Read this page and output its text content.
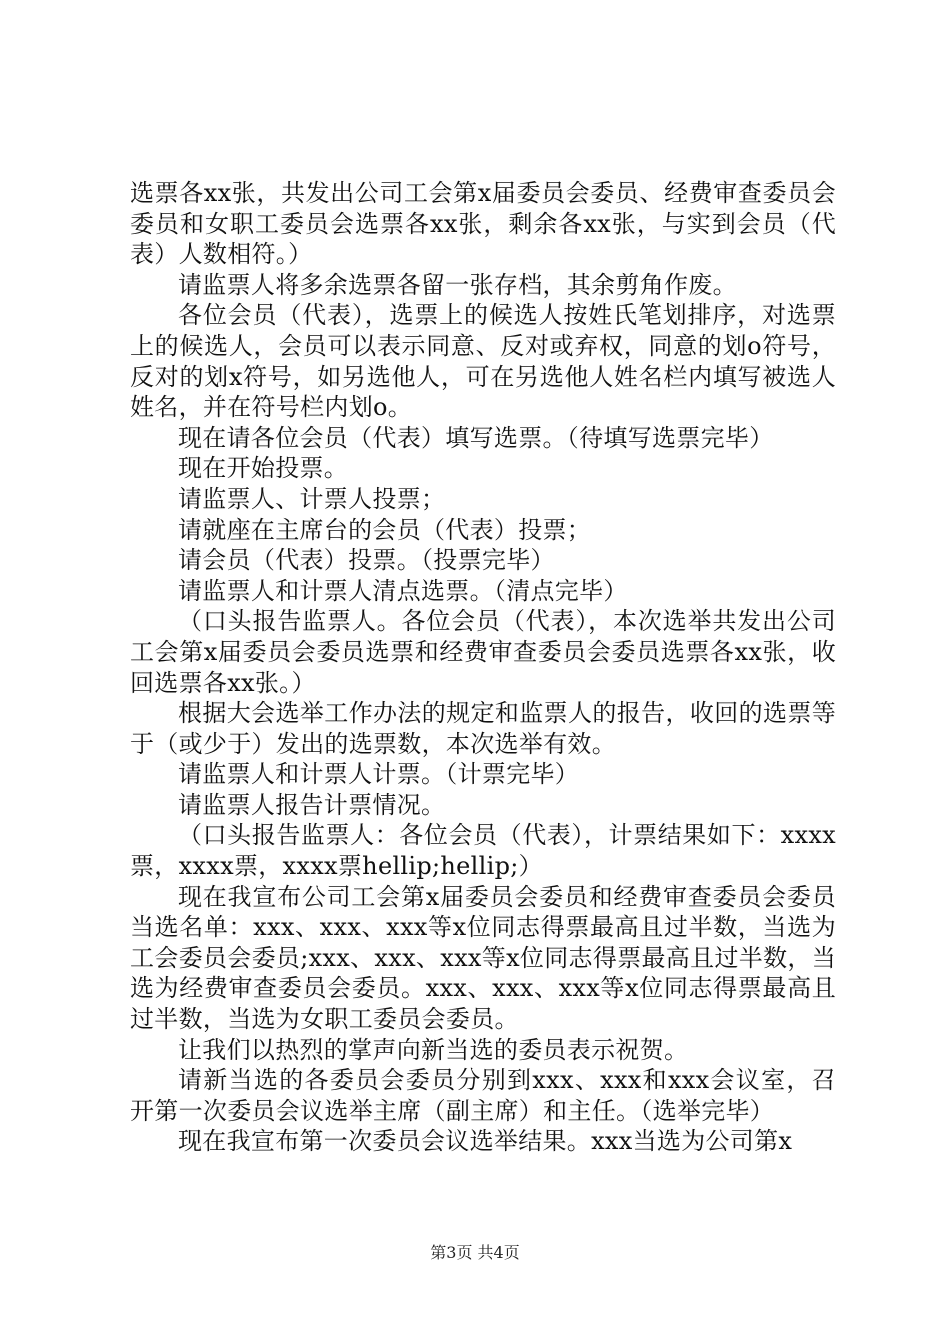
选票各xx张，共发出公司工会第x届委员会委员、经费审查委员会委员和女职工委员会选票各xx张，剩余各xx张，与实到会员（代表）人数相符。）

请监票人将多余选票各留一张存档，其余剪角作废。

各位会员（代表），选票上的候选人按姓氏笔划排序，对选票上的候选人，会员可以表示同意、反对或弃权，同意的划o符号，反对的划x符号，如另选他人，可在另选他人姓名栏内填写被选人姓名，并在符号栏内划o。

现在请各位会员（代表）填写选票。（待填写选票完毕）

现在开始投票。

请监票人、计票人投票；

请就座在主席台的会员（代表）投票；

请会员（代表）投票。（投票完毕）

请监票人和计票人清点选票。（清点完毕）

（口头报告监票人。各位会员（代表），本次选举共发出公司工会第x届委员会委员选票和经费审查委员会委员选票各xx张，收回选票各xx张。）

根据大会选举工作办法的规定和监票人的报告，收回的选票等于（或少于）发出的选票数，本次选举有效。

请监票人和计票人计票。（计票完毕）

请监票人报告计票情况。

（口头报告监票人：各位会员（代表），计票结果如下：xxxx票，xxxx票，xxxx票hellip;hellip;）

现在我宣布公司工会第x届委员会委员和经费审查委员会委员当选名单：xxx、xxx、xxx等x位同志得票最高且过半数，当选为工会委员会委员;xxx、xxx、xxx等x位同志得票最高且过半数，当选为经费审查委员会委员。xxx、xxx、xxx等x位同志得票最高且过半数，当选为女职工委员会委员。

让我们以热烈的掌声向新当选的委员表示祝贺。

请新当选的各委员会委员分别到xxx、xxx和xxx会议室，召开第一次委员会议选举主席（副主席）和主任。（选举完毕）

现在我宣布第一次委员会议选举结果。xxx当选为公司第x

第3页 共4页
